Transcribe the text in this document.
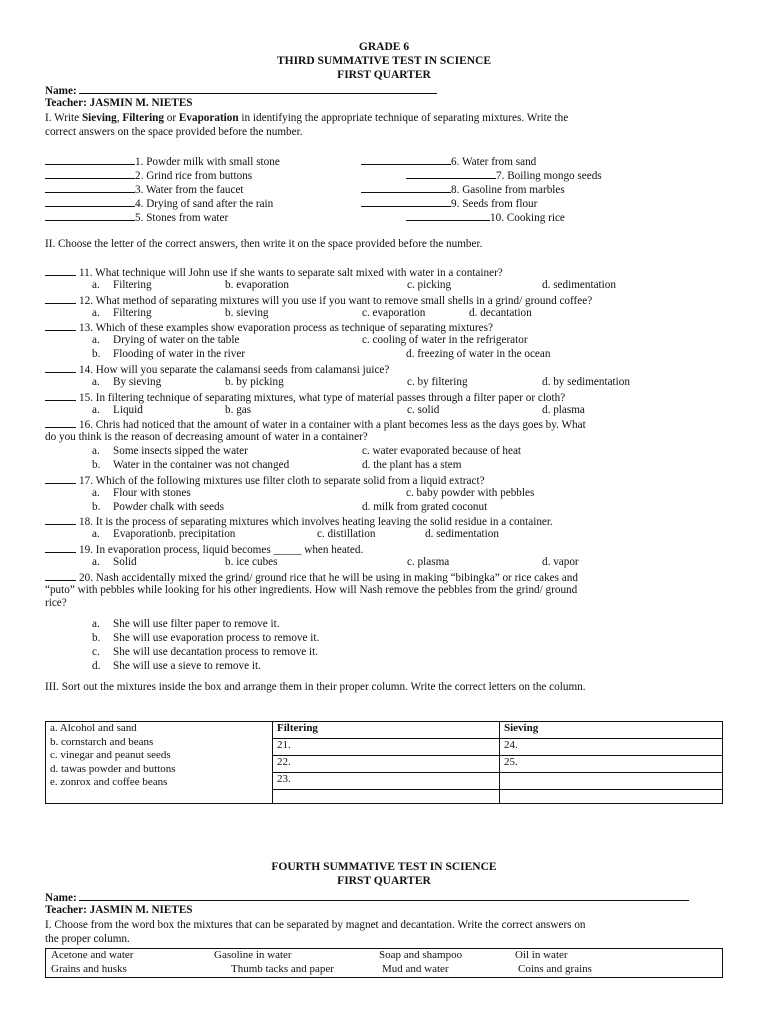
GRADE 6
THIRD SUMMATIVE TEST IN SCIENCE
FIRST QUARTER
Name:
Teacher: JASMIN M. NIETES
I. Write Sieving, Filtering or Evaporation in identifying the appropriate technique of separating mixtures. Write the
correct answers on the space provided before the number.
1. Powder milk with small stone
2. Grind rice from buttons
3. Water from the faucet
4. Drying of sand after the rain
5. Stones from water
6. Water from sand
7. Boiling mongo seeds
8. Gasoline from marbles
9. Seeds from flour
10. Cooking rice
II. Choose the letter of the correct answers, then write it on the space provided before the number.
11. What technique will John use if she wants to separate salt mixed with water in a container?
a. Filtering	b. evaporation	c. picking	d. sedimentation
12. What method of separating mixtures will you use if you want to remove small shells in a grind/ ground coffee?
a. Filtering	b. sieving	c. evaporation	d. decantation
13. Which of these examples show evaporation process as technique of separating mixtures?
a. Drying of water on the table	c. cooling of water in the refrigerator
b. Flooding of water in the river	d. freezing of water in the ocean
14. How will you separate the calamansi seeds from calamansi juice?
a. By sieving	b. by picking	c. by filtering	d. by sedimentation
15. In filtering technique of separating mixtures, what type of material passes through a filter paper or cloth?
a. Liquid	b. gas	c. solid	d. plasma
16. Chris had noticed that the amount of water in a container with a plant becomes less as the days goes by. What
do you think is the reason of decreasing amount of water in a container?
a. Some insects sipped the water	c. water evaporated because of heat
b. Water in the container was not changed	d. the plant has a stem
17. Which of the following mixtures use filter cloth to separate solid from a liquid extract?
a. Flour with stones	c. baby powder with pebbles
b. Powder chalk with seeds	d. milk from grated coconut
18. It is the process of separating mixtures which involves heating leaving the solid residue in a container.
a. Evaporationb. precipitation	c. distillation	d. sedimentation
19. In evaporation process, liquid becomes _____ when heated.
a. Solid	b. ice cubes	c. plasma	d. vapor
20. Nash accidentally mixed the grind/ ground rice that he will be using in making “bibingka” or rice cakes and
“puto” with pebbles while looking for his other ingredients. How will Nash remove the pebbles from the grind/ ground
rice?
a. She will use filter paper to remove it.
b. She will use evaporation process to remove it.
c. She will use decantation process to remove it.
d. She will use a sieve to remove it.
III. Sort out the mixtures inside the box and arrange them in their proper column. Write the correct letters on the column.
a. Alcohol and sand
b. cornstarch and beans
c. vinegar and peanut seeds
d. tawas powder and buttons
e. zonrox and coffee beans	Filtering	Sieving
	21.	24.
	22.	25.
	23.	

FOURTH SUMMATIVE TEST IN SCIENCE
FIRST QUARTER
Name:
Teacher: JASMIN M. NIETES
I. Choose from the word box the mixtures that can be separated by magnet and decantation. Write the correct answers on
the proper column.
Acetone and water	Gasoline in water	Soap and shampoo	Oil in water
Grains and husks	Thumb tacks and paper	Mud and water	Coins and grains
